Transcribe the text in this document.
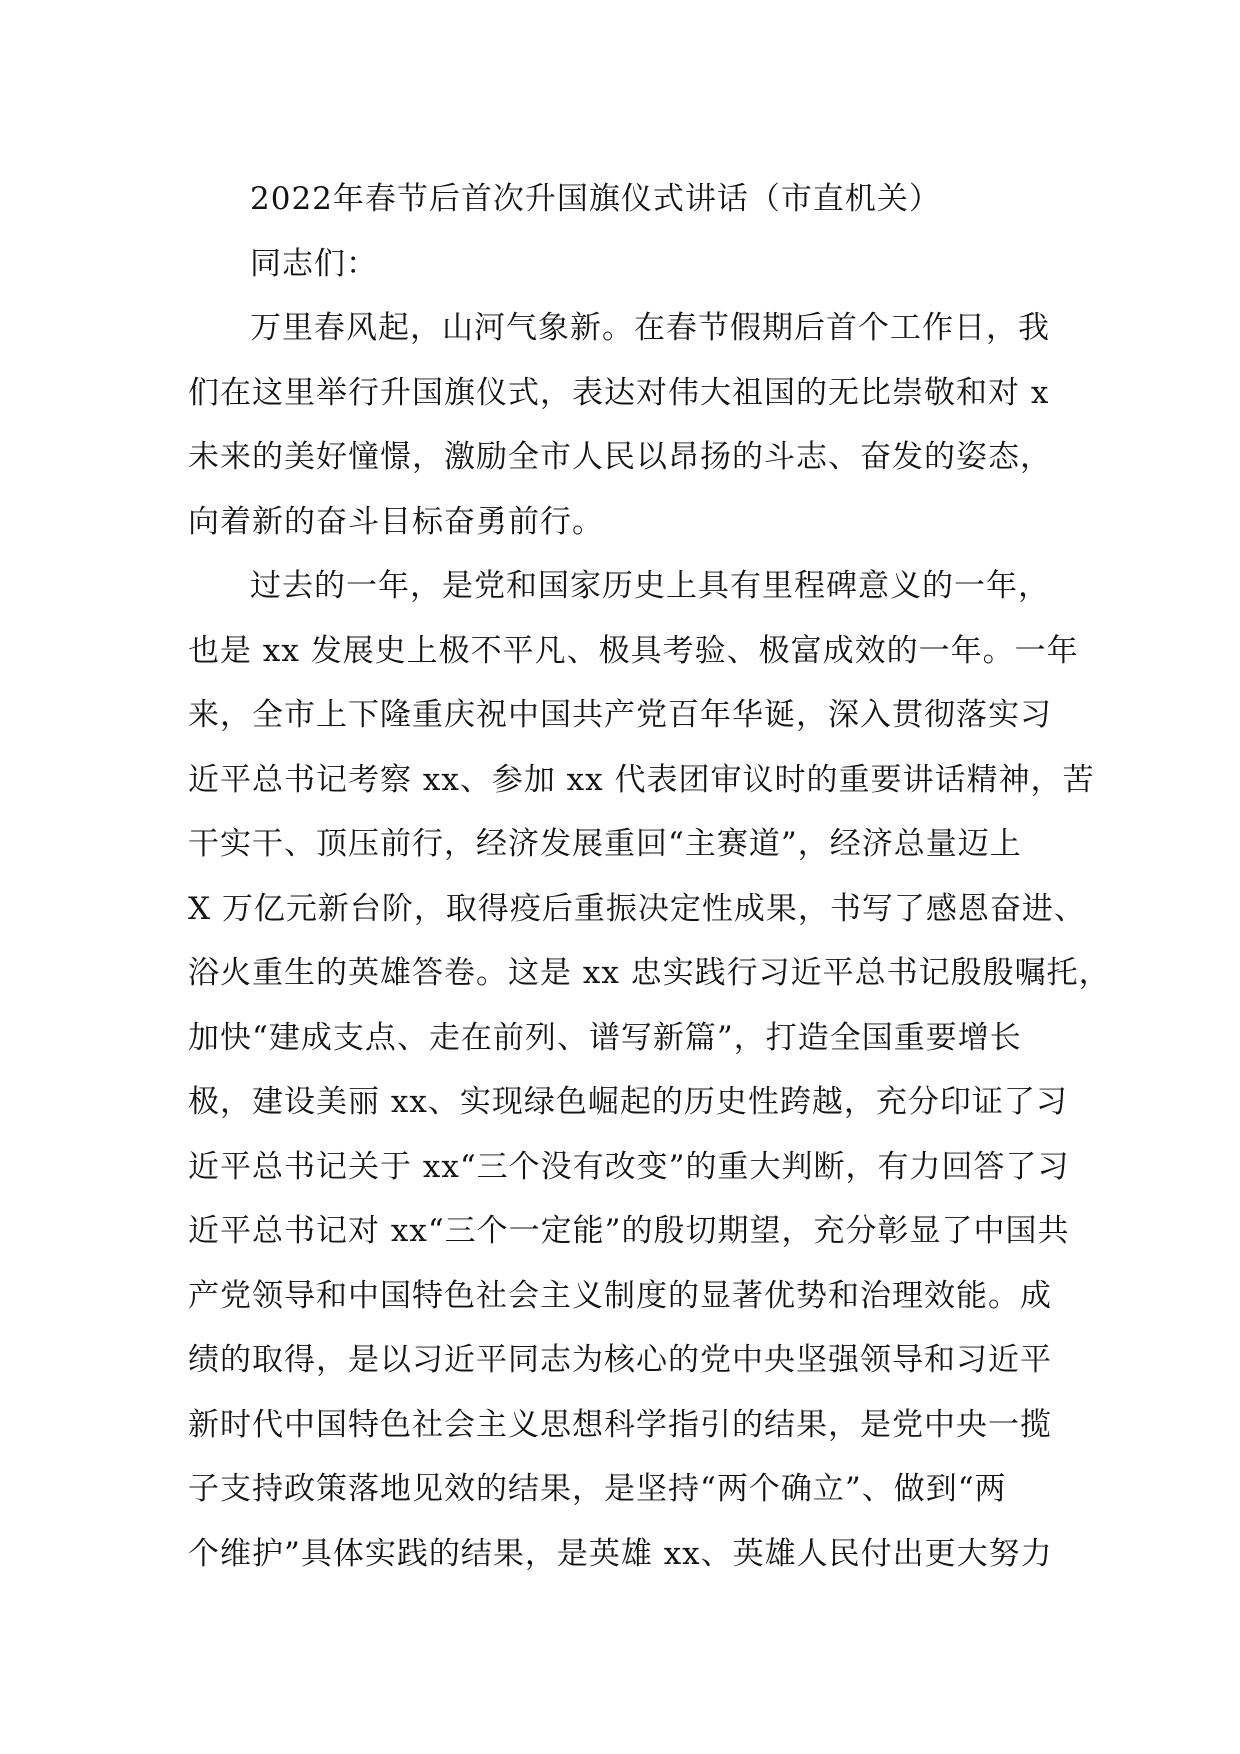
2022年春节后首次升国旗仪式讲话（市直机关）
同志们：
万里春风起，山河气象新。在春节假期后首个工作日，我
们在这里举行升国旗仪式，表达对伟大祖国的无比崇敬和对 x
未来的美好憧憬，激励全市人民以昂扬的斗志、奋发的姿态，
向着新的奋斗目标奋勇前行。
过去的一年，是党和国家历史上具有里程碑意义的一年，
也是 xx 发展史上极不平凡、极具考验、极富成效的一年。一年
来，全市上下隆重庆祝中国共产党百年华诞，深入贯彻落实习
近平总书记考察 xx、参加 xx 代表团审议时的重要讲话精神，苦
干实干、顶压前行，经济发展重回“主赛道”，经济总量迈上
X 万亿元新台阶，取得疫后重振决定性成果，书写了感恩奋进、
浴火重生的英雄答卷。这是 xx 忠实践行习近平总书记殷殷嘱托，
加快“建成支点、走在前列、谱写新篇”，打造全国重要增长
极，建设美丽 xx、实现绿色崛起的历史性跨越，充分印证了习
近平总书记关于 xx“三个没有改变”的重大判断，有力回答了习
近平总书记对 xx“三个一定能”的殷切期望，充分彰显了中国共
产党领导和中国特色社会主义制度的显著优势和治理效能。成
绩的取得，是以习近平同志为核心的党中央坚强领导和习近平
新时代中国特色社会主义思想科学指引的结果，是党中央一揽
子支持政策落地见效的结果，是坚持“两个确立”、做到“两
个维护”具体实践的结果，是英雄 xx、英雄人民付出更大努力
